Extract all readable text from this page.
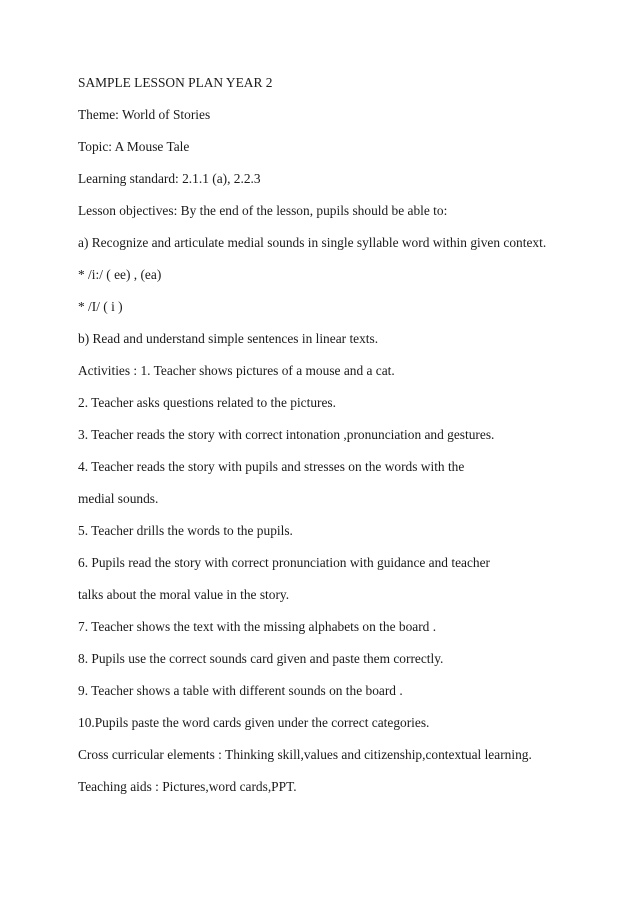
SAMPLE LESSON PLAN YEAR 2
Theme: World of Stories
Topic: A Mouse Tale
Learning standard: 2.1.1 (a), 2.2.3
Lesson objectives: By the end of the lesson, pupils should be able to:
a) Recognize and articulate medial sounds in single syllable word within given context.
* /i:/ ( ee) , (ea)
* /I/ ( i )
b) Read and understand simple sentences in linear texts.
Activities : 1. Teacher shows pictures of a mouse and a cat.
2. Teacher asks questions related to the pictures.
3. Teacher reads the story with correct intonation ,pronunciation and gestures.
4. Teacher reads the story with pupils and stresses on the words with the
medial sounds.
5. Teacher drills the words to the pupils.
6. Pupils read the story with correct pronunciation with guidance and teacher
talks about the moral value in the story.
7. Teacher shows the text with the missing alphabets on the board .
8. Pupils use the correct sounds card given and paste them correctly.
9. Teacher shows a table with different sounds on the board .
10.Pupils paste the word cards given under the correct categories.
Cross curricular elements : Thinking skill,values and citizenship,contextual learning.
Teaching aids : Pictures,word cards,PPT.
